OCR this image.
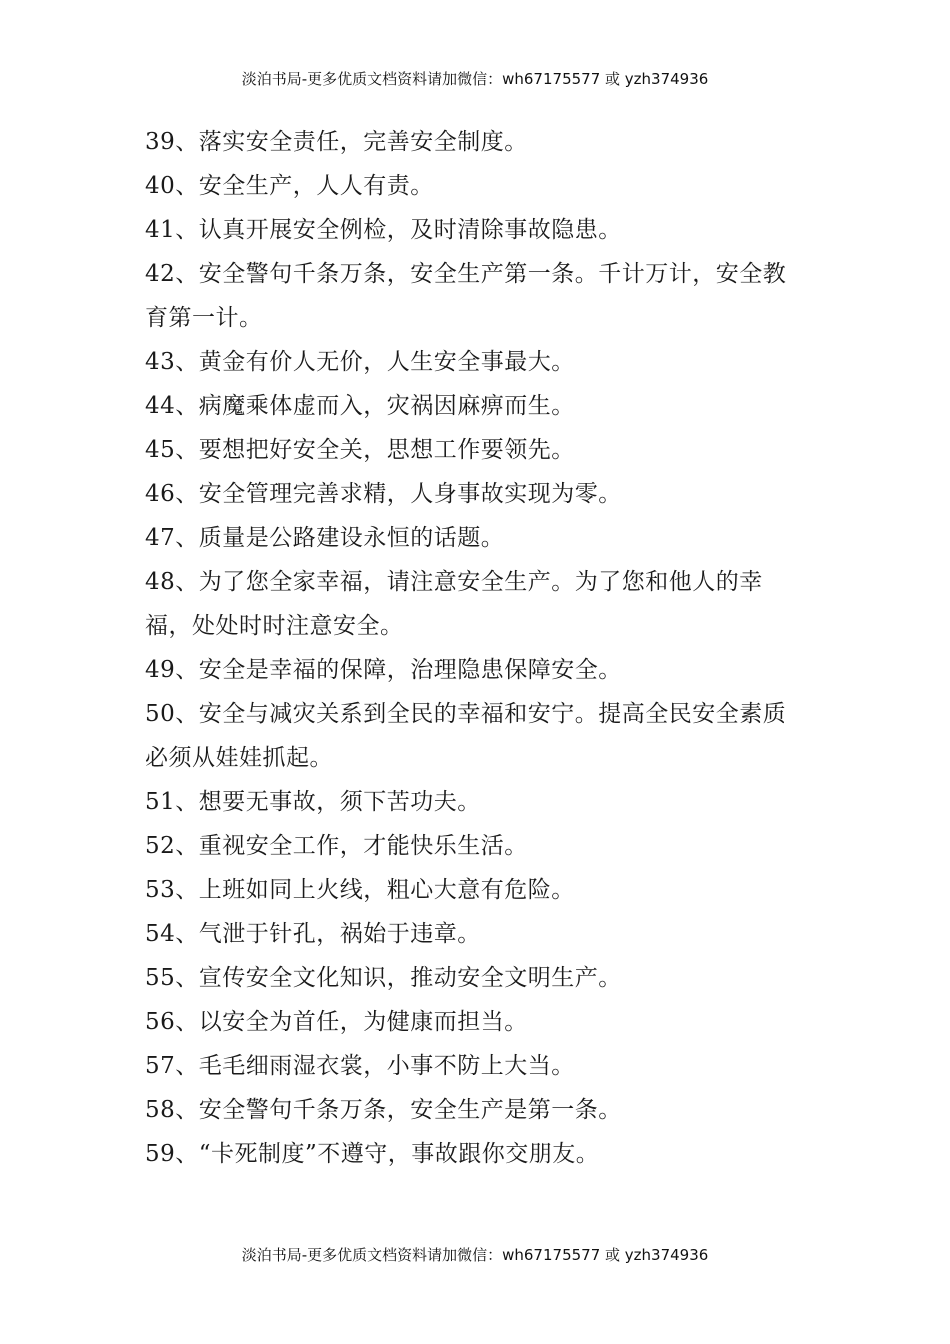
淡泊书局-更多优质文档资料请加微信：wh67175577 或 yzh374936

39、落实安全责任，完善安全制度。

40、安全生产，人人有责。

41、认真开展安全例检，及时清除事故隐患。

42、安全警句千条万条，安全生产第一条。千计万计，安全教育第一计。

43、黄金有价人无价，人生安全事最大。

44、病魔乘体虚而入，灾祸因麻痹而生。

45、要想把好安全关，思想工作要领先。

46、安全管理完善求精，人身事故实现为零。

47、质量是公路建设永恒的话题。

48、为了您全家幸福，请注意安全生产。为了您和他人的幸福，处处时时注意安全。

49、安全是幸福的保障，治理隐患保障安全。

50、安全与减灾关系到全民的幸福和安宁。提高全民安全素质必须从娃娃抓起。

51、想要无事故，须下苦功夫。

52、重视安全工作，才能快乐生活。

53、上班如同上火线，粗心大意有危险。

54、气泄于针孔，祸始于违章。

55、宣传安全文化知识，推动安全文明生产。

56、以安全为首任，为健康而担当。

57、毛毛细雨湿衣裳，小事不防上大当。

58、安全警句千条万条，安全生产是第一条。

59、“卡死制度”不遵守，事故跟你交朋友。

淡泊书局-更多优质文档资料请加微信：wh67175577 或 yzh374936
